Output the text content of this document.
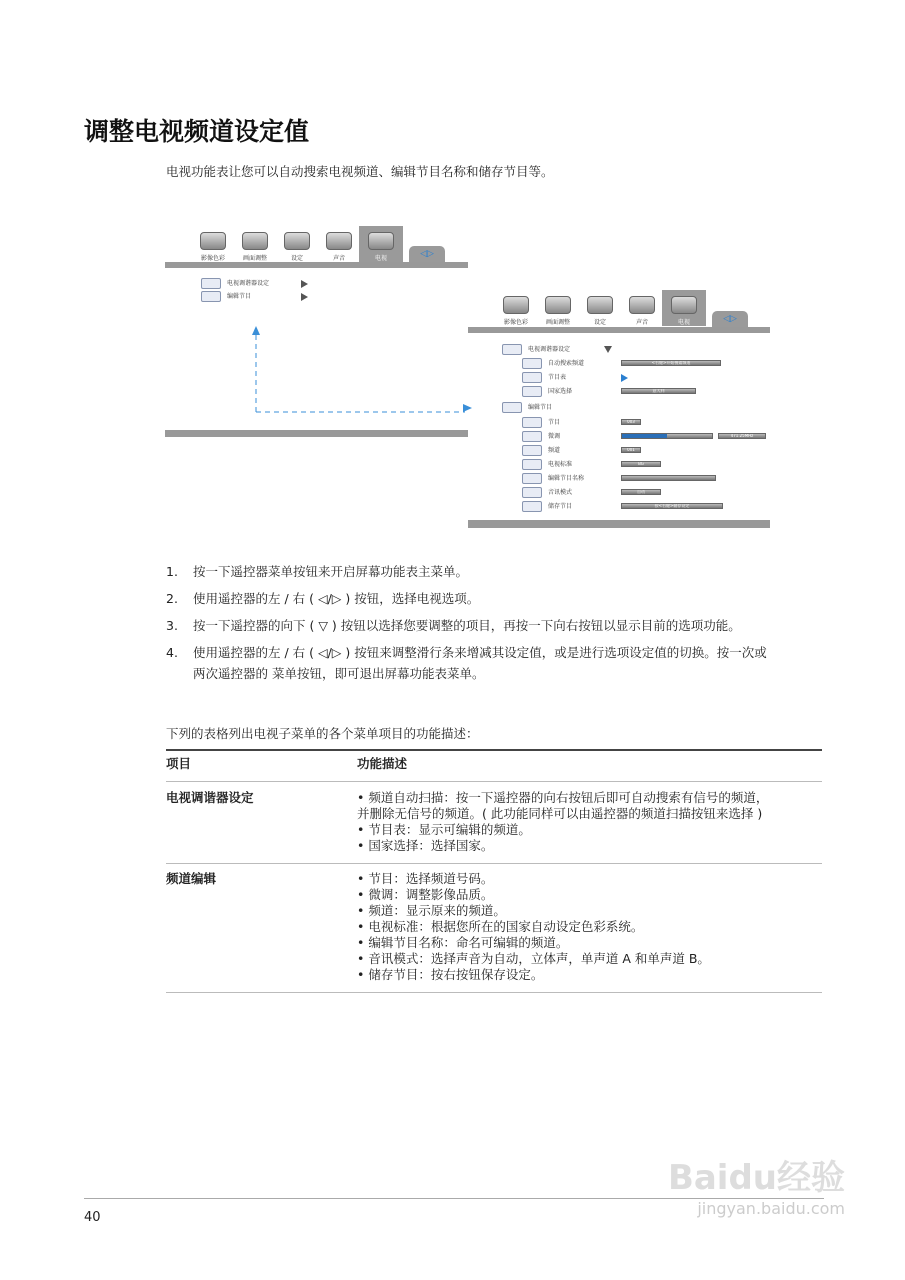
调整电视频道设定值
电视功能表让您可以自动搜索电视频道、编辑节目名称和储存节目等。
影像色彩	画面调整	设定	声音	电视	◁▷
电视调谐器设定
编辑节目
影像色彩	画面调整	设定	声音	电视	◁▷
电视调谐器设定
自动搜索频道	<右键>开始搜索频道
节目表
国家选择	意大利
编辑节目
节目	003
微调	471.25MHz
频道	001
电视标准	BG
编辑节目名称
音讯模式	自动
储存节目	按<右键>储存设定
1. 按一下遥控器菜单按钮来开启屏幕功能表主菜单。
2. 使用遥控器的左 / 右 ( ◁/▷ ) 按钮，选择电视选项。
3. 按一下遥控器的向下 ( ▽ ) 按钮以选择您要调整的项目，再按一下向右按钮以显示目前的选项功能。
4. 使用遥控器的左 / 右 ( ◁/▷ ) 按钮来调整滑行条来增减其设定值，或是进行选项设定值的切换。按一次或
两次遥控器的 菜单按钮，即可退出屏幕功能表菜单。
下列的表格列出电视子菜单的各个菜单项目的功能描述：
项目	功能描述
电视调谐器设定	• 频道自动扫描：按一下遥控器的向右按钮后即可自动搜索有信号的频道，
并删除无信号的频道。( 此功能同样可以由遥控器的频道扫描按钮来选择 )
• 节目表：显示可编辑的频道。
• 国家选择：选择国家。
频道编辑	• 节目：选择频道号码。
• 微调：调整影像品质。
• 频道：显示原来的频道。
• 电视标准：根据您所在的国家自动设定色彩系统。
• 编辑节目名称：命名可编辑的频道。
• 音讯模式：选择声音为自动，立体声，单声道 A 和单声道 B。
• 储存节目：按右按钮保存设定。
40
Baidu经验
jingyan.baidu.com
